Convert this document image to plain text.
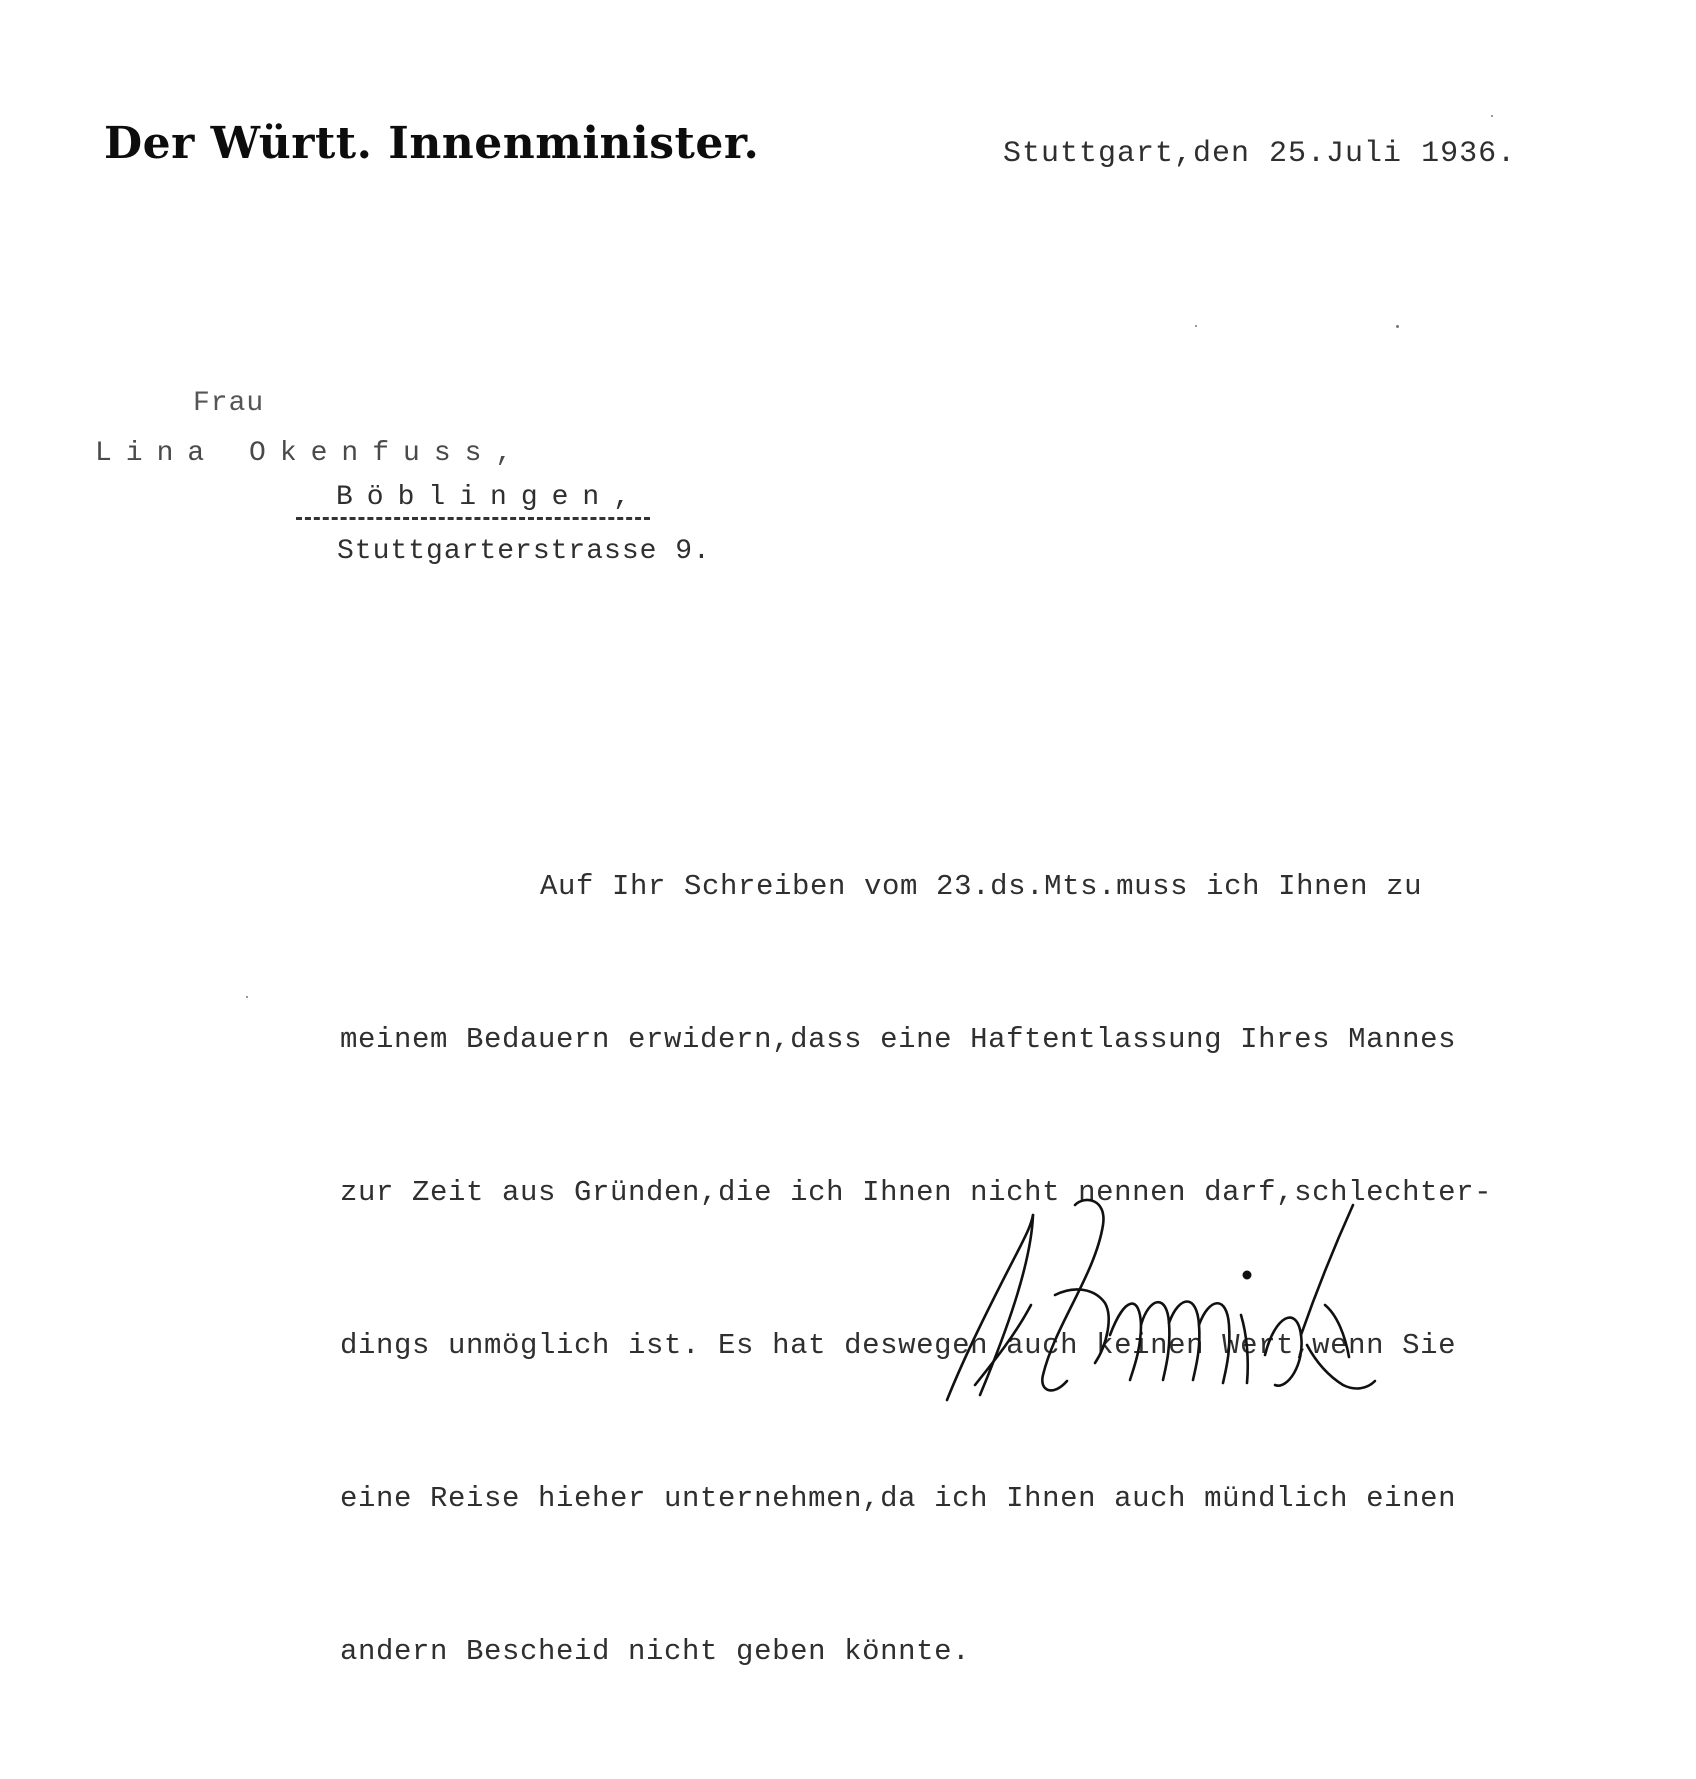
Der Württ. Innenminister.	Stuttgart,den 25.Juli 1936.
Frau
Lina Okenfuss,
Böblingen,
Stuttgarterstrasse 9.

Auf Ihr Schreiben vom 23.ds.Mts.muss ich Ihnen zu

meinem Bedauern erwidern,dass eine Haftentlassung Ihres Mannes

zur Zeit aus Gründen,die ich Ihnen nicht nennen darf,schlechter-

dings unmöglich ist. Es hat deswegen auch keinen Wert,wenn Sie

eine Reise hieher unternehmen,da ich Ihnen auch mündlich einen

andern Bescheid nicht geben könnte.
